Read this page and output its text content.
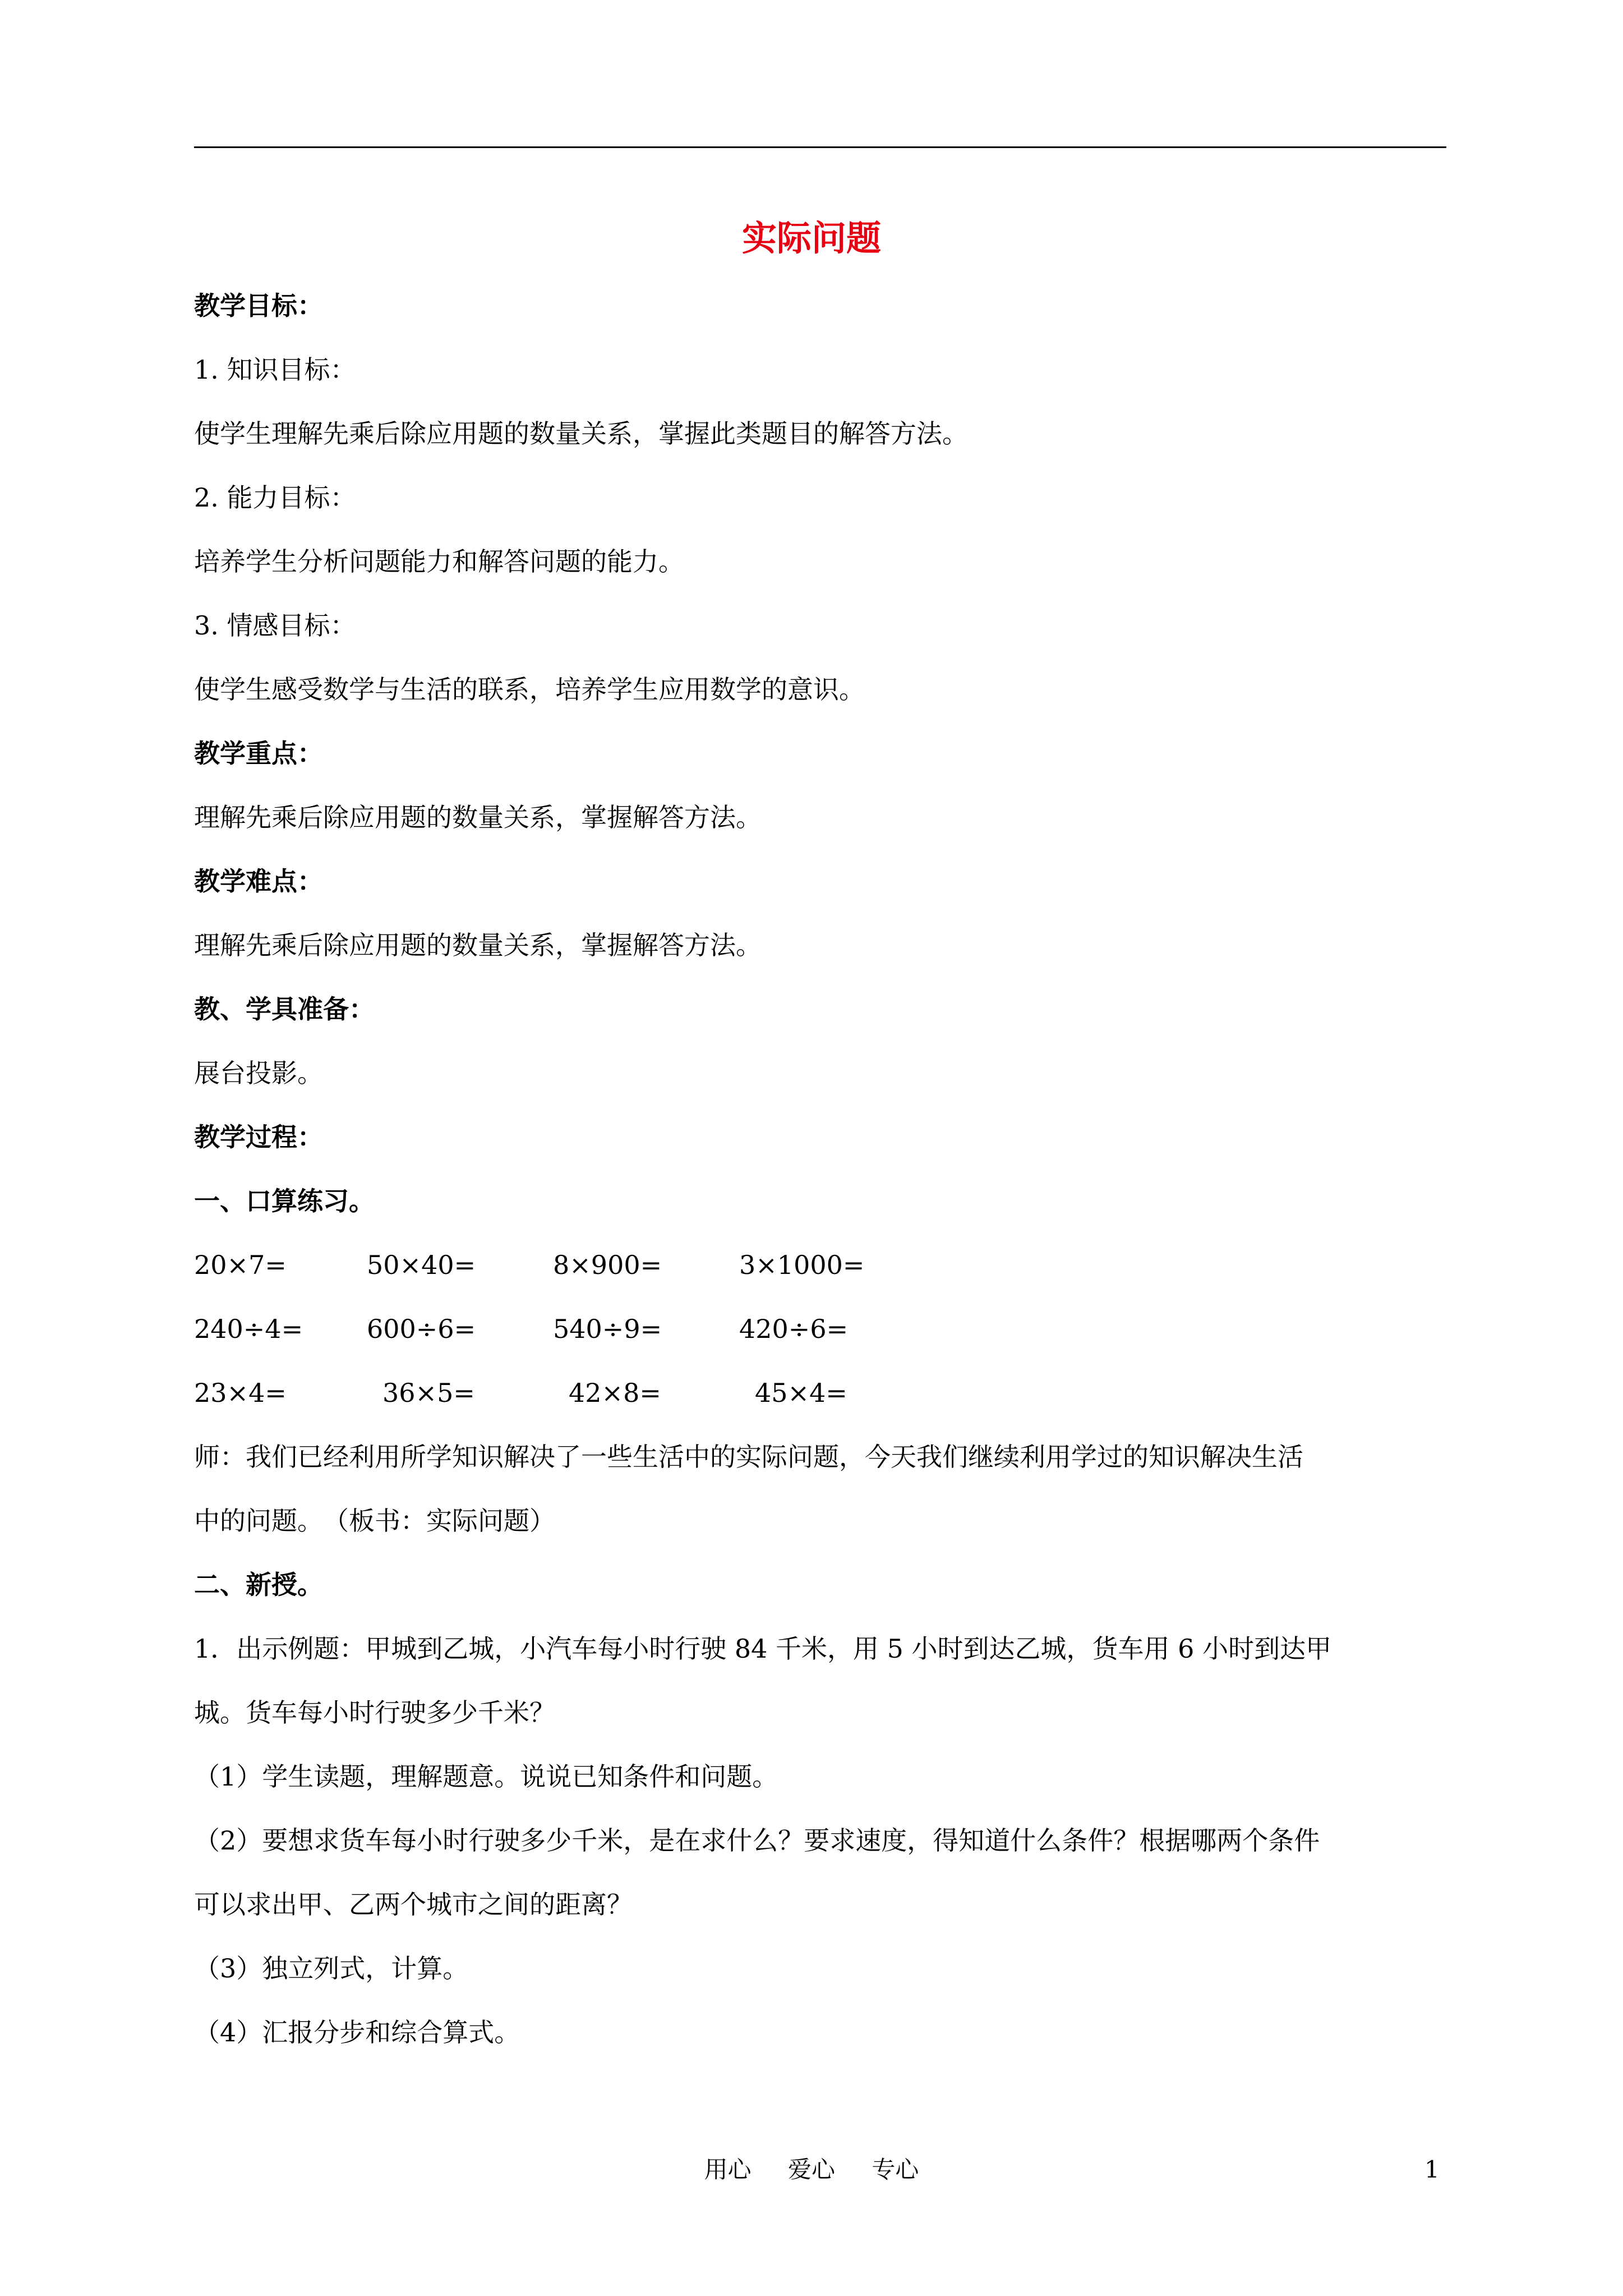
实际问题

教学目标：

1. 知识目标：

使学生理解先乘后除应用题的数量关系，掌握此类题目的解答方法。

2. 能力目标：

培养学生分析问题能力和解答问题的能力。

3. 情感目标：

使学生感受数学与生活的联系，培养学生应用数学的意识。

教学重点：

理解先乘后除应用题的数量关系，掌握解答方法。

教学难点：

理解先乘后除应用题的数量关系，掌握解答方法。

教、学具准备：

展台投影。

教学过程：

一、口算练习。

20×7=	50×40=	8×900=	3×1000=
240÷4= 600÷6=	540÷9=	420÷6=
23×4=	36×5=	42×8=	45×4=

师：我们已经利用所学知识解决了一些生活中的实际问题，今天我们继续利用学过的知识解决生活

中的问题。　（板书：实际问题）

二、新授。

1．出示例题：甲城到乙城，小汽车每小时行驶 84 千米，用 5 小时到达乙城，货车用 6 小时到达甲

城。货车每小时行驶多少千米？

（1）学生读题，理解题意。说说已知条件和问题。

（2）要想求货车每小时行驶多少千米，是在求什么？要求速度，得知道什么条件？根据哪两个条件

可以求出甲、乙两个城市之间的距离？

（3）独立列式，计算。

（4）汇报分步和综合算式。

用心 爱心 专心	1
